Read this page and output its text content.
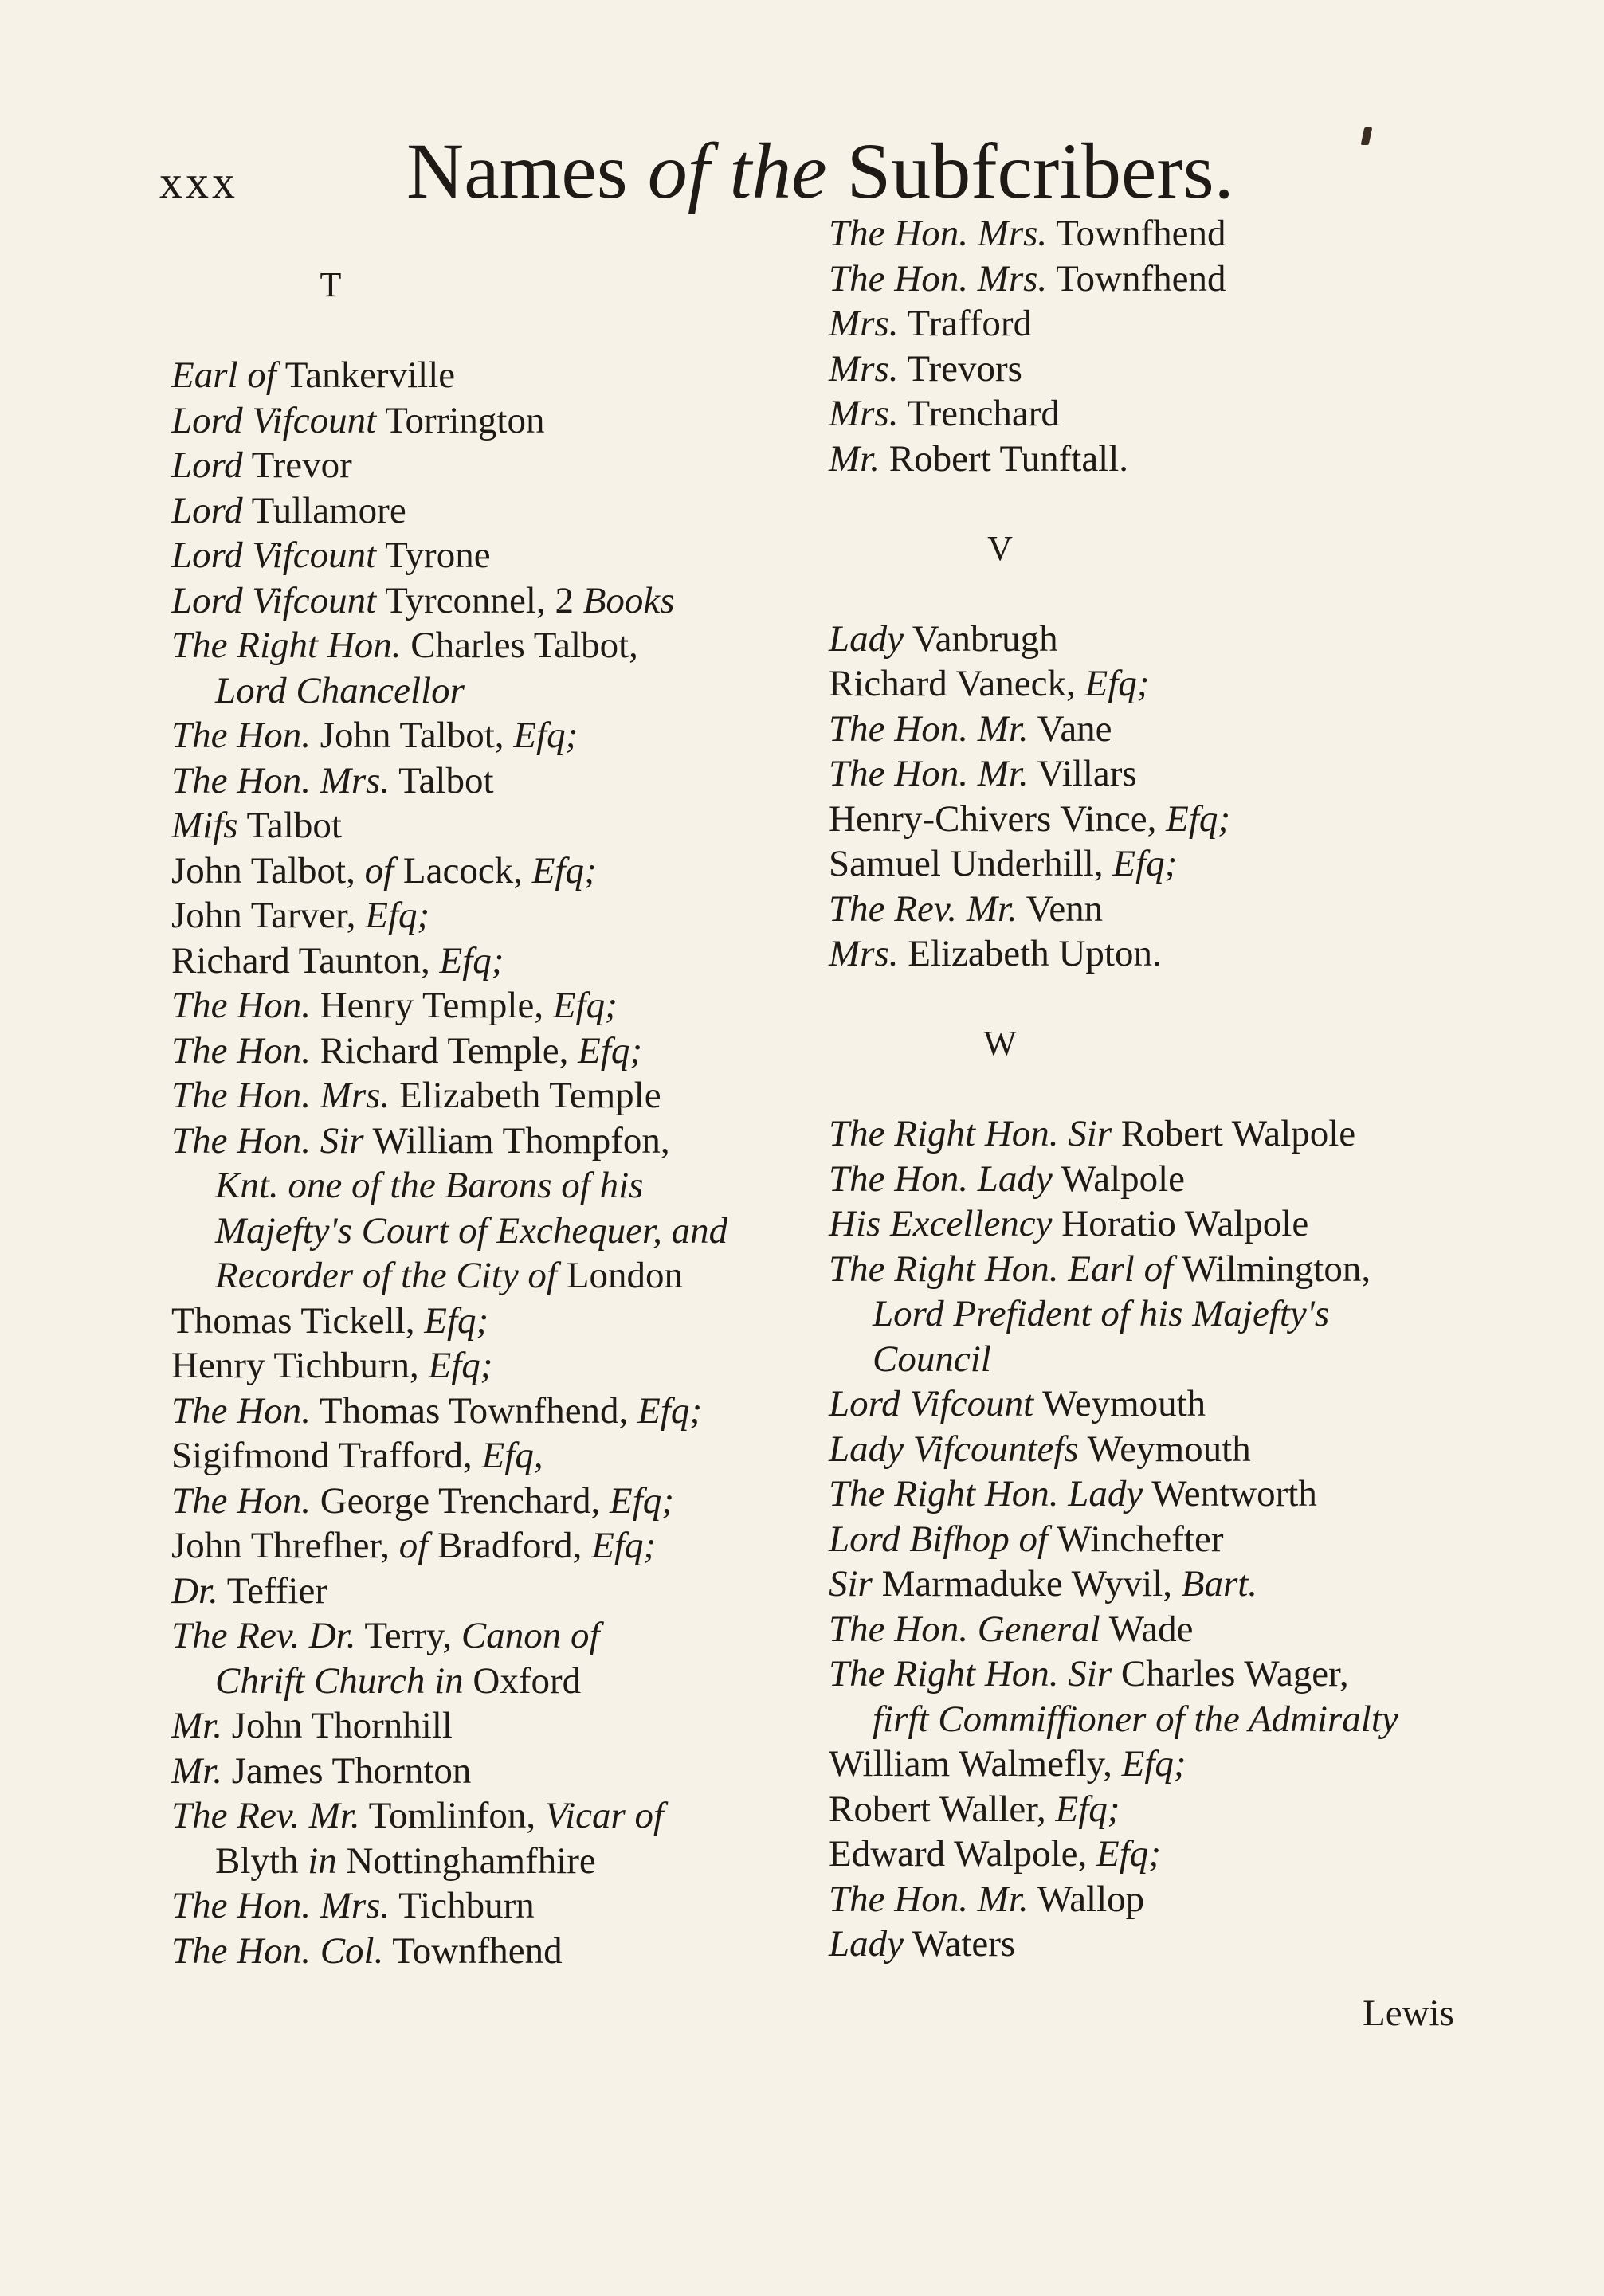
xxx Names of the Subfcribers.
T

Earl of Tankerville

Lord Vifcount Torrington

Lord Trevor

Lord Tullamore

Lord Vifcount Tyrone

Lord Vifcount Tyrconnel, 2 Books

The Right Hon. Charles Talbot,

Lord Chancellor

The Hon. John Talbot, Efq;

The Hon. Mrs. Talbot

Mifs Talbot

John Talbot, of Lacock, Efq;

John Tarver, Efq;

Richard Taunton, Efq;

The Hon. Henry Temple, Efq;

The Hon. Richard Temple, Efq;

The Hon. Mrs. Elizabeth Temple

The Hon. Sir William Thompfon,

Knt. one of the Barons of his

Majefty's Court of Exchequer, and

Recorder of the City of London

Thomas Tickell, Efq;

Henry Tichburn, Efq;

The Hon. Thomas Townfhend, Efq;

Sigifmond Trafford, Efq,

The Hon. George Trenchard, Efq;

John Threfher, of Bradford, Efq;

Dr. Teffier

The Rev. Dr. Terry, Canon of

Chrift Church in Oxford

Mr. John Thornhill

Mr. James Thornton

The Rev. Mr. Tomlinfon, Vicar of

Blyth in Nottinghamfhire

The Hon. Mrs. Tichburn

The Hon. Col. Townfhend

The Hon. Mrs. Townfhend

The Hon. Mrs. Townfhend

Mrs. Trafford

Mrs. Trevors

Mrs. Trenchard

Mr. Robert Tunftall.

V

Lady Vanbrugh

Richard Vaneck, Efq;

The Hon. Mr. Vane

The Hon. Mr. Villars

Henry-Chivers Vince, Efq;

Samuel Underhill, Efq;

The Rev. Mr. Venn

Mrs. Elizabeth Upton.

W

The Right Hon. Sir Robert Walpole

The Hon. Lady Walpole

His Excellency Horatio Walpole

The Right Hon. Earl of Wilmington,

Lord Prefident of his Majefty's

Council

Lord Vifcount Weymouth

Lady Vifcountefs Weymouth

The Right Hon. Lady Wentworth

Lord Bifhop of Winchefter

Sir Marmaduke Wyvil, Bart.

The Hon. General Wade

The Right Hon. Sir Charles Wager,

firft Commiffioner of the Admiralty

William Walmefly, Efq;

Robert Waller, Efq;

Edward Walpole, Efq;

The Hon. Mr. Wallop

Lady Waters

Lewis
